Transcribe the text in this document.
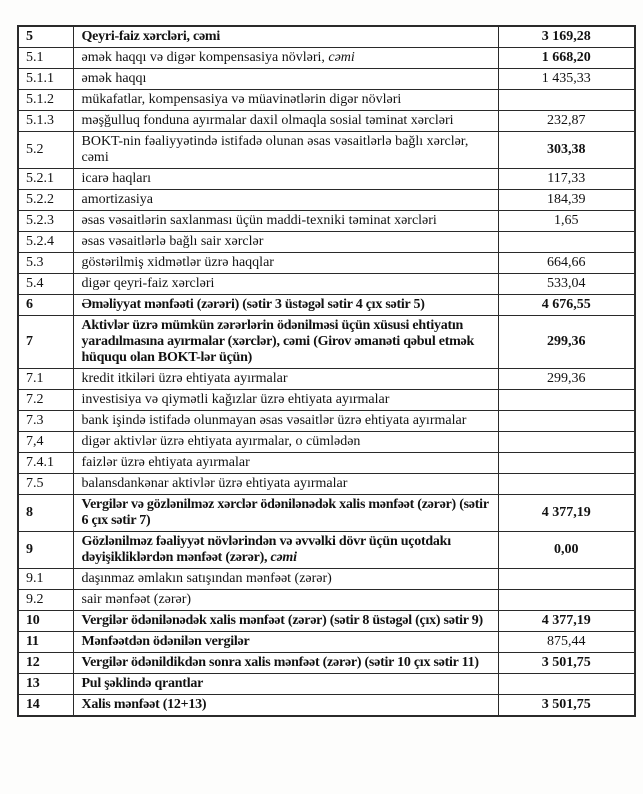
5	Qeyri-faiz xərcləri, cəmi	3 169,28
5.1	əmək haqqı və digər kompensasiya növləri, cəmi	1 668,20
5.1.1	əmək haqqı	1 435,33
5.1.2	mükafatlar, kompensasiya və müavinətlərin digər növləri	
5.1.3	məşğulluq fonduna ayırmalar daxil olmaqla sosial təminat xərcləri	232,87
5.2	BOKT-nin fəaliyyətində istifadə olunan əsas vəsaitlərlə bağlı xərclər, cəmi	303,38
5.2.1	icarə haqları	117,33
5.2.2	amortizasiya	184,39
5.2.3	əsas vəsaitlərin saxlanması üçün maddi-texniki təminat xərcləri	1,65
5.2.4	əsas vəsaitlərlə bağlı sair xərclər	
5.3	göstərilmiş xidmətlər üzrə haqqlar	664,66
5.4	digər qeyri-faiz xərcləri	533,04
6	Əməliyyat mənfəəti (zərəri) (sətir 3 üstəgəl sətir 4 çıx sətir 5)	4 676,55
7	Aktivlər üzrə mümkün zərərlərin ödənilməsi üçün xüsusi ehtiyatın yaradılmasına ayırmalar (xərclər), cəmi (Girov əmanəti qəbul etmək hüququ olan BOKT-lər üçün)	299,36
7.1	kredit itkiləri üzrə ehtiyata ayırmalar	299,36
7.2	investisiya və qiymətli kağızlar üzrə ehtiyata ayırmalar	
7.3	bank işində istifadə olunmayan əsas vəsaitlər üzrə ehtiyata ayırmalar	
7,4	digər aktivlər üzrə ehtiyata ayırmalar, o cümlədən	
7.4.1	faizlər üzrə ehtiyata ayırmalar	
7.5	balansdankənar aktivlər üzrə ehtiyata ayırmalar	
8	Vergilər və gözlənilməz xərclər ödənilənədək xalis mənfəət (zərər) (sətir 6 çıx sətir 7)	4 377,19
9	Gözlənilməz fəaliyyət növlərindən və əvvəlki dövr üçün uçotdakı dəyişikliklərdən mənfəət (zərər), cəmi	0,00
9.1	daşınmaz əmlakın satışından mənfəət (zərər)	
9.2	sair mənfəət (zərər)	
10	Vergilər ödənilənədək xalis mənfəət (zərər) (sətir 8 üstəgəl (çıx) sətir 9)	4 377,19
11	Mənfəətdən ödənilən vergilər	875,44
12	Vergilər ödənildikdən sonra xalis mənfəət (zərər) (sətir 10 çıx sətir 11)	3 501,75
13	Pul şəklində qrantlar	
14	Xalis mənfəət (12+13)	3 501,75
